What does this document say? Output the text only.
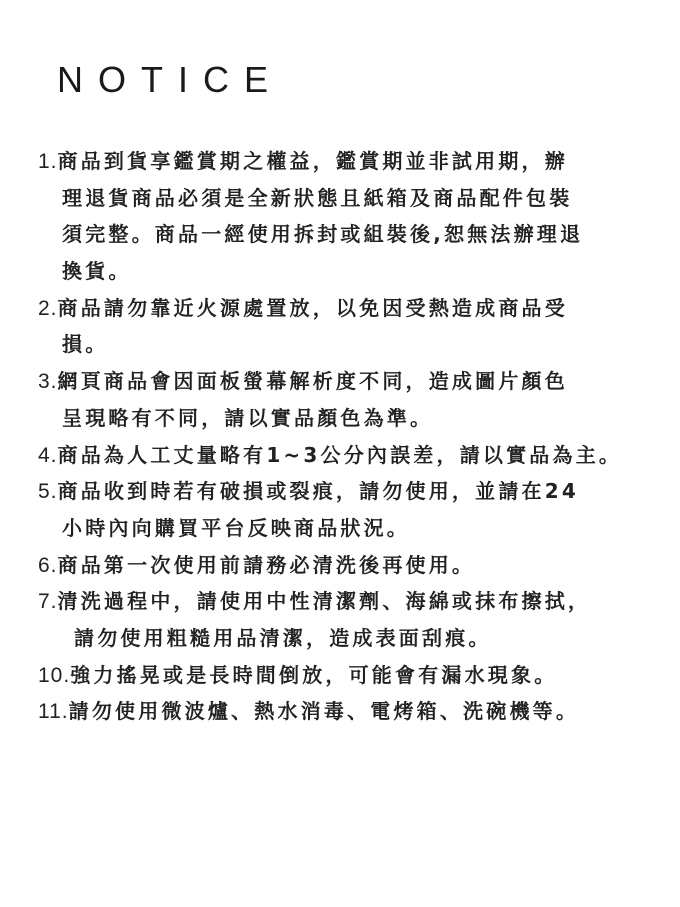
NOTICE
1.商品到貨享鑑賞期之權益，鑑賞期並非試用期，辦
理退貨商品必須是全新狀態且紙箱及商品配件包裝
須完整。商品一經使用拆封或組裝後,恕無法辦理退
換貨。
2.商品請勿靠近火源處置放，以免因受熱造成商品受
損。
3.網頁商品會因面板螢幕解析度不同，造成圖片顏色
呈現略有不同，請以實品顏色為準。
4.商品為人工丈量略有1~3公分內誤差，請以實品為主。
5.商品收到時若有破損或裂痕，請勿使用，並請在24
小時內向購買平台反映商品狀況。
6.商品第一次使用前請務必清洗後再使用。
7.清洗過程中，請使用中性清潔劑、海綿或抹布擦拭，
請勿使用粗糙用品清潔，造成表面刮痕。
10.強力搖晃或是長時間倒放，可能會有漏水現象。
11.請勿使用微波爐、熱水消毒、電烤箱、洗碗機等。
